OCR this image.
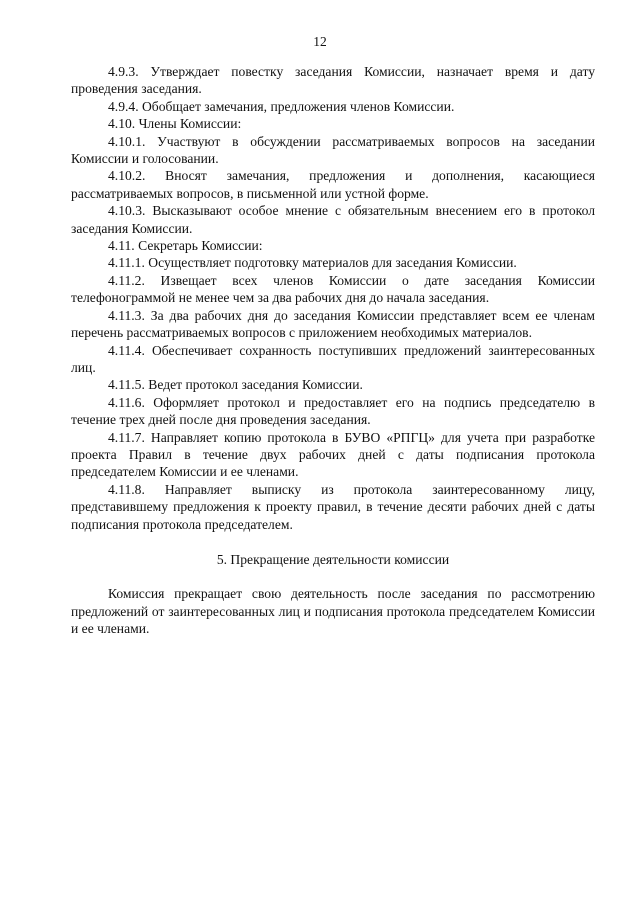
12

4.9.3. Утверждает повестку заседания Комиссии, назначает время и дату проведения заседания.

4.9.4. Обобщает замечания, предложения членов Комиссии.

4.10. Члены Комиссии:

4.10.1. Участвуют в обсуждении рассматриваемых вопросов на заседании Комиссии и голосовании.

4.10.2. Вносят замечания, предложения и дополнения, касающиеся рассматриваемых вопросов, в письменной или устной форме.

4.10.3. Высказывают особое мнение с обязательным внесением его в протокол заседания Комиссии.

4.11. Секретарь Комиссии:

4.11.1. Осуществляет подготовку материалов для заседания Комиссии.

4.11.2. Извещает всех членов Комиссии о дате заседания Комиссии телефонограммой не менее чем за два рабочих дня до начала заседания.

4.11.3. За два рабочих дня до заседания Комиссии представляет всем ее членам перечень рассматриваемых вопросов с приложением необходимых материалов.

4.11.4. Обеспечивает сохранность поступивших предложений заинтересованных лиц.

4.11.5. Ведет протокол заседания Комиссии.

4.11.6. Оформляет протокол и предоставляет его на подпись председателю в течение трех дней после дня проведения заседания.

4.11.7. Направляет копию протокола в БУВО «РПГЦ» для учета при разработке проекта Правил в течение двух рабочих дней с даты подписания протокола председателем Комиссии и ее членами.

4.11.8. Направляет выписку из протокола заинтересованному лицу, представившему предложения к проекту правил, в течение десяти рабочих дней с даты подписания протокола председателем.

5. Прекращение деятельности комиссии

Комиссия прекращает свою деятельность после заседания по рассмотрению предложений от заинтересованных лиц и подписания протокола председателем Комиссии и ее членами.
